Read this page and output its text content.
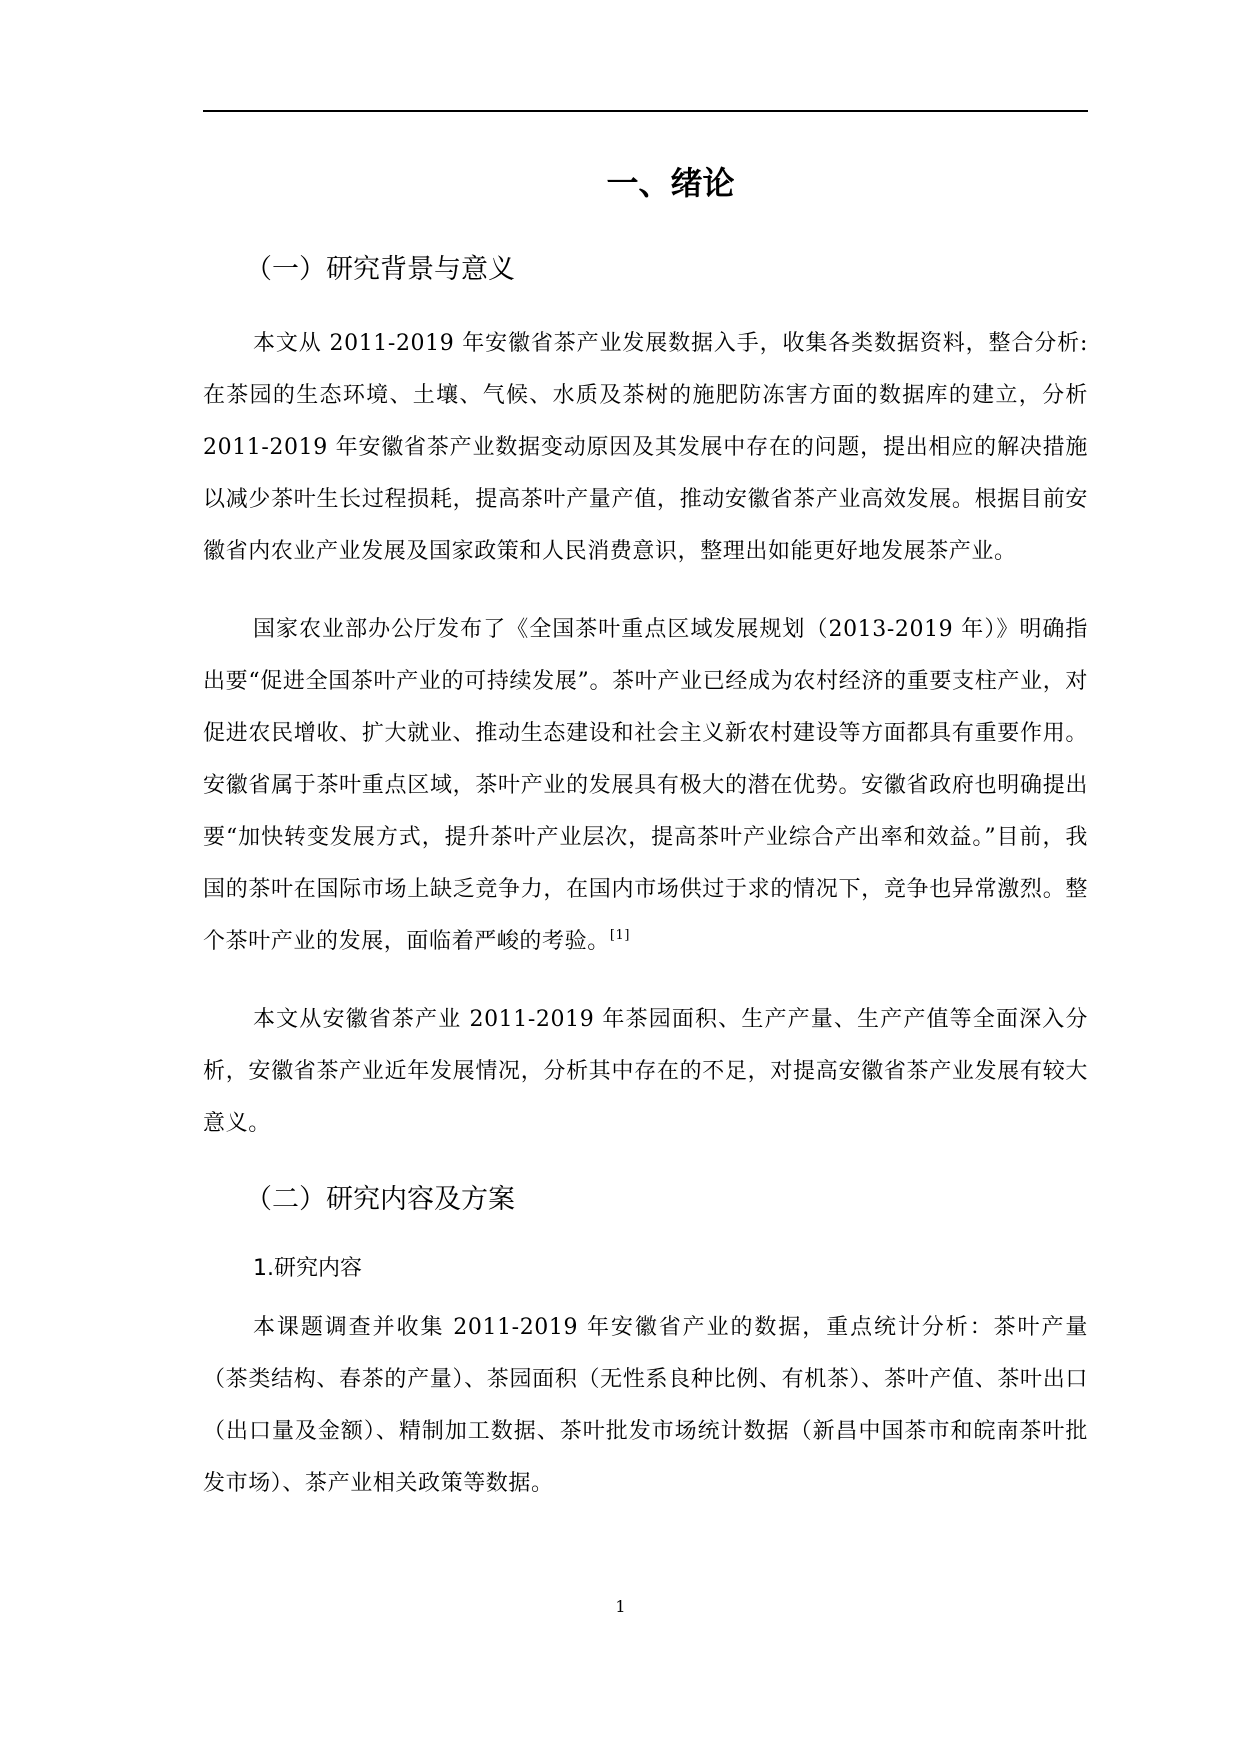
一、绪论
（一）研究背景与意义

本文从 2011-2019 年安徽省茶产业发展数据入手，收集各类数据资料，整合分析:在茶园的生态环境、土壤、气候、水质及茶树的施肥防冻害方面的数据库的建立，分析 2011-2019 年安徽省茶产业数据变动原因及其发展中存在的问题，提出相应的解决措施以减少茶叶生长过程损耗，提高茶叶产量产值，推动安徽省茶产业高效发展。根据目前安徽省内农业产业发展及国家政策和人民消费意识，整理出如能更好地发展茶产业。

国家农业部办公厅发布了《全国茶叶重点区域发展规划（2013-2019 年）》明确指出要“促进全国茶叶产业的可持续发展”。茶叶产业已经成为农村经济的重要支柱产业，对促进农民增收、扩大就业、推动生态建设和社会主义新农村建设等方面都具有重要作用。安徽省属于茶叶重点区域，茶叶产业的发展具有极大的潜在优势。安徽省政府也明确提出要“加快转变发展方式，提升茶叶产业层次，提高茶叶产业综合产出率和效益。”目前，我国的茶叶在国际市场上缺乏竞争力，在国内市场供过于求的情况下，竞争也异常激烈。整个茶叶产业的发展，面临着严峻的考验。[1]

本文从安徽省茶产业 2011-2019 年茶园面积、生产产量、生产产值等全面深入分析，安徽省茶产业近年发展情况，分析其中存在的不足，对提高安徽省茶产业发展有较大意义。

（二）研究内容及方案
1.研究内容

本课题调查并收集 2011-2019 年安徽省产业的数据，重点统计分析：茶叶产量（茶类结构、春茶的产量）、茶园面积（无性系良种比例、有机茶）、茶叶产值、茶叶出口（出口量及金额）、精制加工数据、茶叶批发市场统计数据（新昌中国茶市和皖南茶叶批发市场）、茶产业相关政策等数据。

1
